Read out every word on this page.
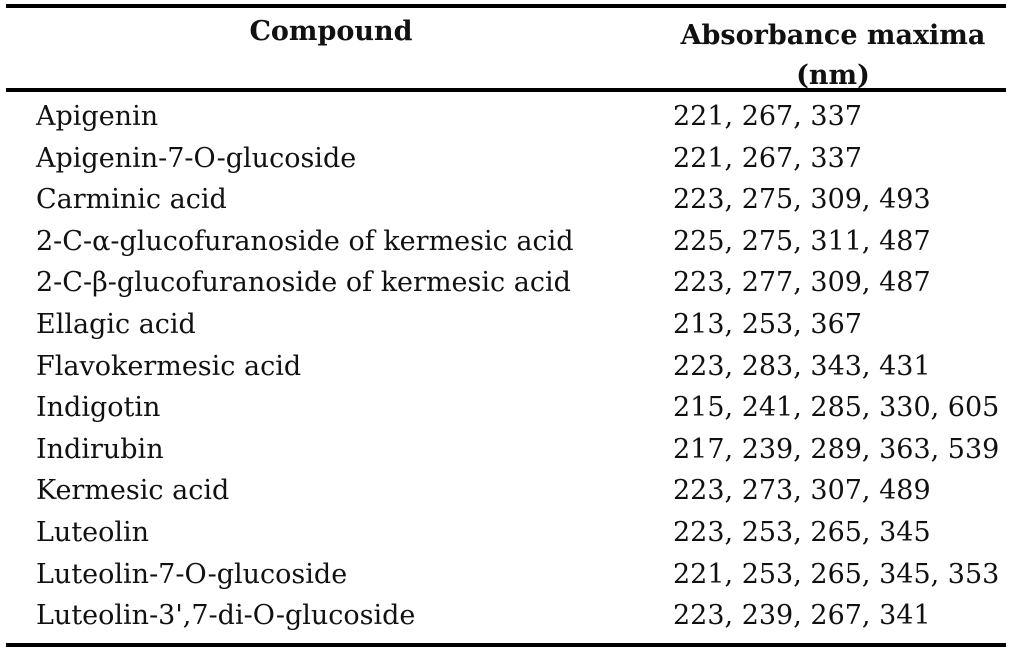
Compound	Absorbance maxima
(nm)
Apigenin	221, 267, 337
Apigenin-7-O-glucoside	221, 267, 337
Carminic acid	223, 275, 309, 493
2-C-α-glucofuranoside of kermesic acid	225, 275, 311, 487
2-C-β-glucofuranoside of kermesic acid	223, 277, 309, 487
Ellagic acid	213, 253, 367
Flavokermesic acid	223, 283, 343, 431
Indigotin	215, 241, 285, 330, 605
Indirubin	217, 239, 289, 363, 539
Kermesic acid	223, 273, 307, 489
Luteolin	223, 253, 265, 345
Luteolin-7-O-glucoside	221, 253, 265, 345, 353
Luteolin-3',7-di-O-glucoside	223, 239, 267, 341
